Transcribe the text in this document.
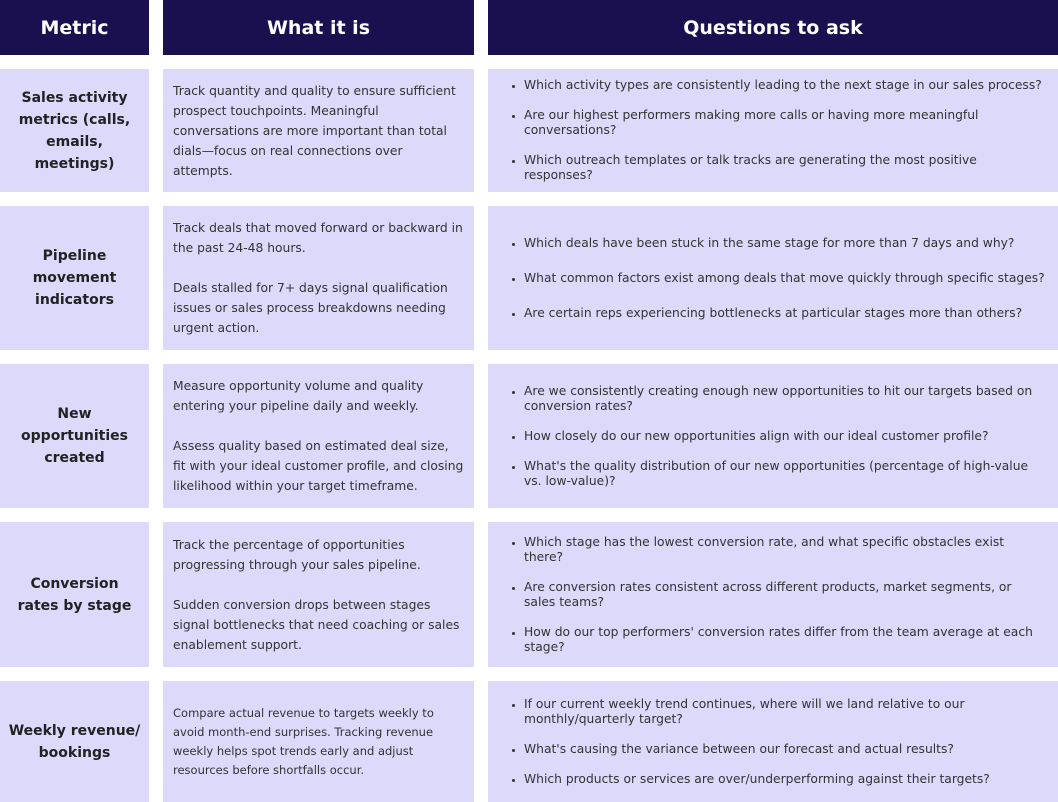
Metric	What it is	Questions to ask
Sales activity metrics (calls, emails, meetings)

Track quantity and quality to ensure sufficient prospect touchpoints. Meaningful conversations are more important than total dials—focus on real connections over attempts.

• Which activity types are consistently leading to the next stage in our sales process?
• Are our highest performers making more calls or having more meaningful conversations?
• Which outreach templates or talk tracks are generating the most positive responses?
Pipeline movement indicators

Track deals that moved forward or backward in the past 24-48 hours.

Deals stalled for 7+ days signal qualification issues or sales process breakdowns needing urgent action.

• Which deals have been stuck in the same stage for more than 7 days and why?
• What common factors exist among deals that move quickly through specific stages?
• Are certain reps experiencing bottlenecks at particular stages more than others?
New opportunities created

Measure opportunity volume and quality entering your pipeline daily and weekly.

Assess quality based on estimated deal size, fit with your ideal customer profile, and closing likelihood within your target timeframe.

• Are we consistently creating enough new opportunities to hit our targets based on conversion rates?
• How closely do our new opportunities align with our ideal customer profile?
• What's the quality distribution of our new opportunities (percentage of high-value vs. low-value)?
Conversion rates by stage

Track the percentage of opportunities progressing through your sales pipeline.

Sudden conversion drops between stages signal bottlenecks that need coaching or sales enablement support.

• Which stage has the lowest conversion rate, and what specific obstacles exist there?
• Are conversion rates consistent across different products, market segments, or sales teams?
• How do our top performers' conversion rates differ from the team average at each stage?
Weekly revenue/ bookings

Compare actual revenue to targets weekly to avoid month-end surprises. Tracking revenue weekly helps spot trends early and adjust resources before shortfalls occur.

• If our current weekly trend continues, where will we land relative to our monthly/quarterly target?
• What's causing the variance between our forecast and actual results?
• Which products or services are over/underperforming against their targets?
